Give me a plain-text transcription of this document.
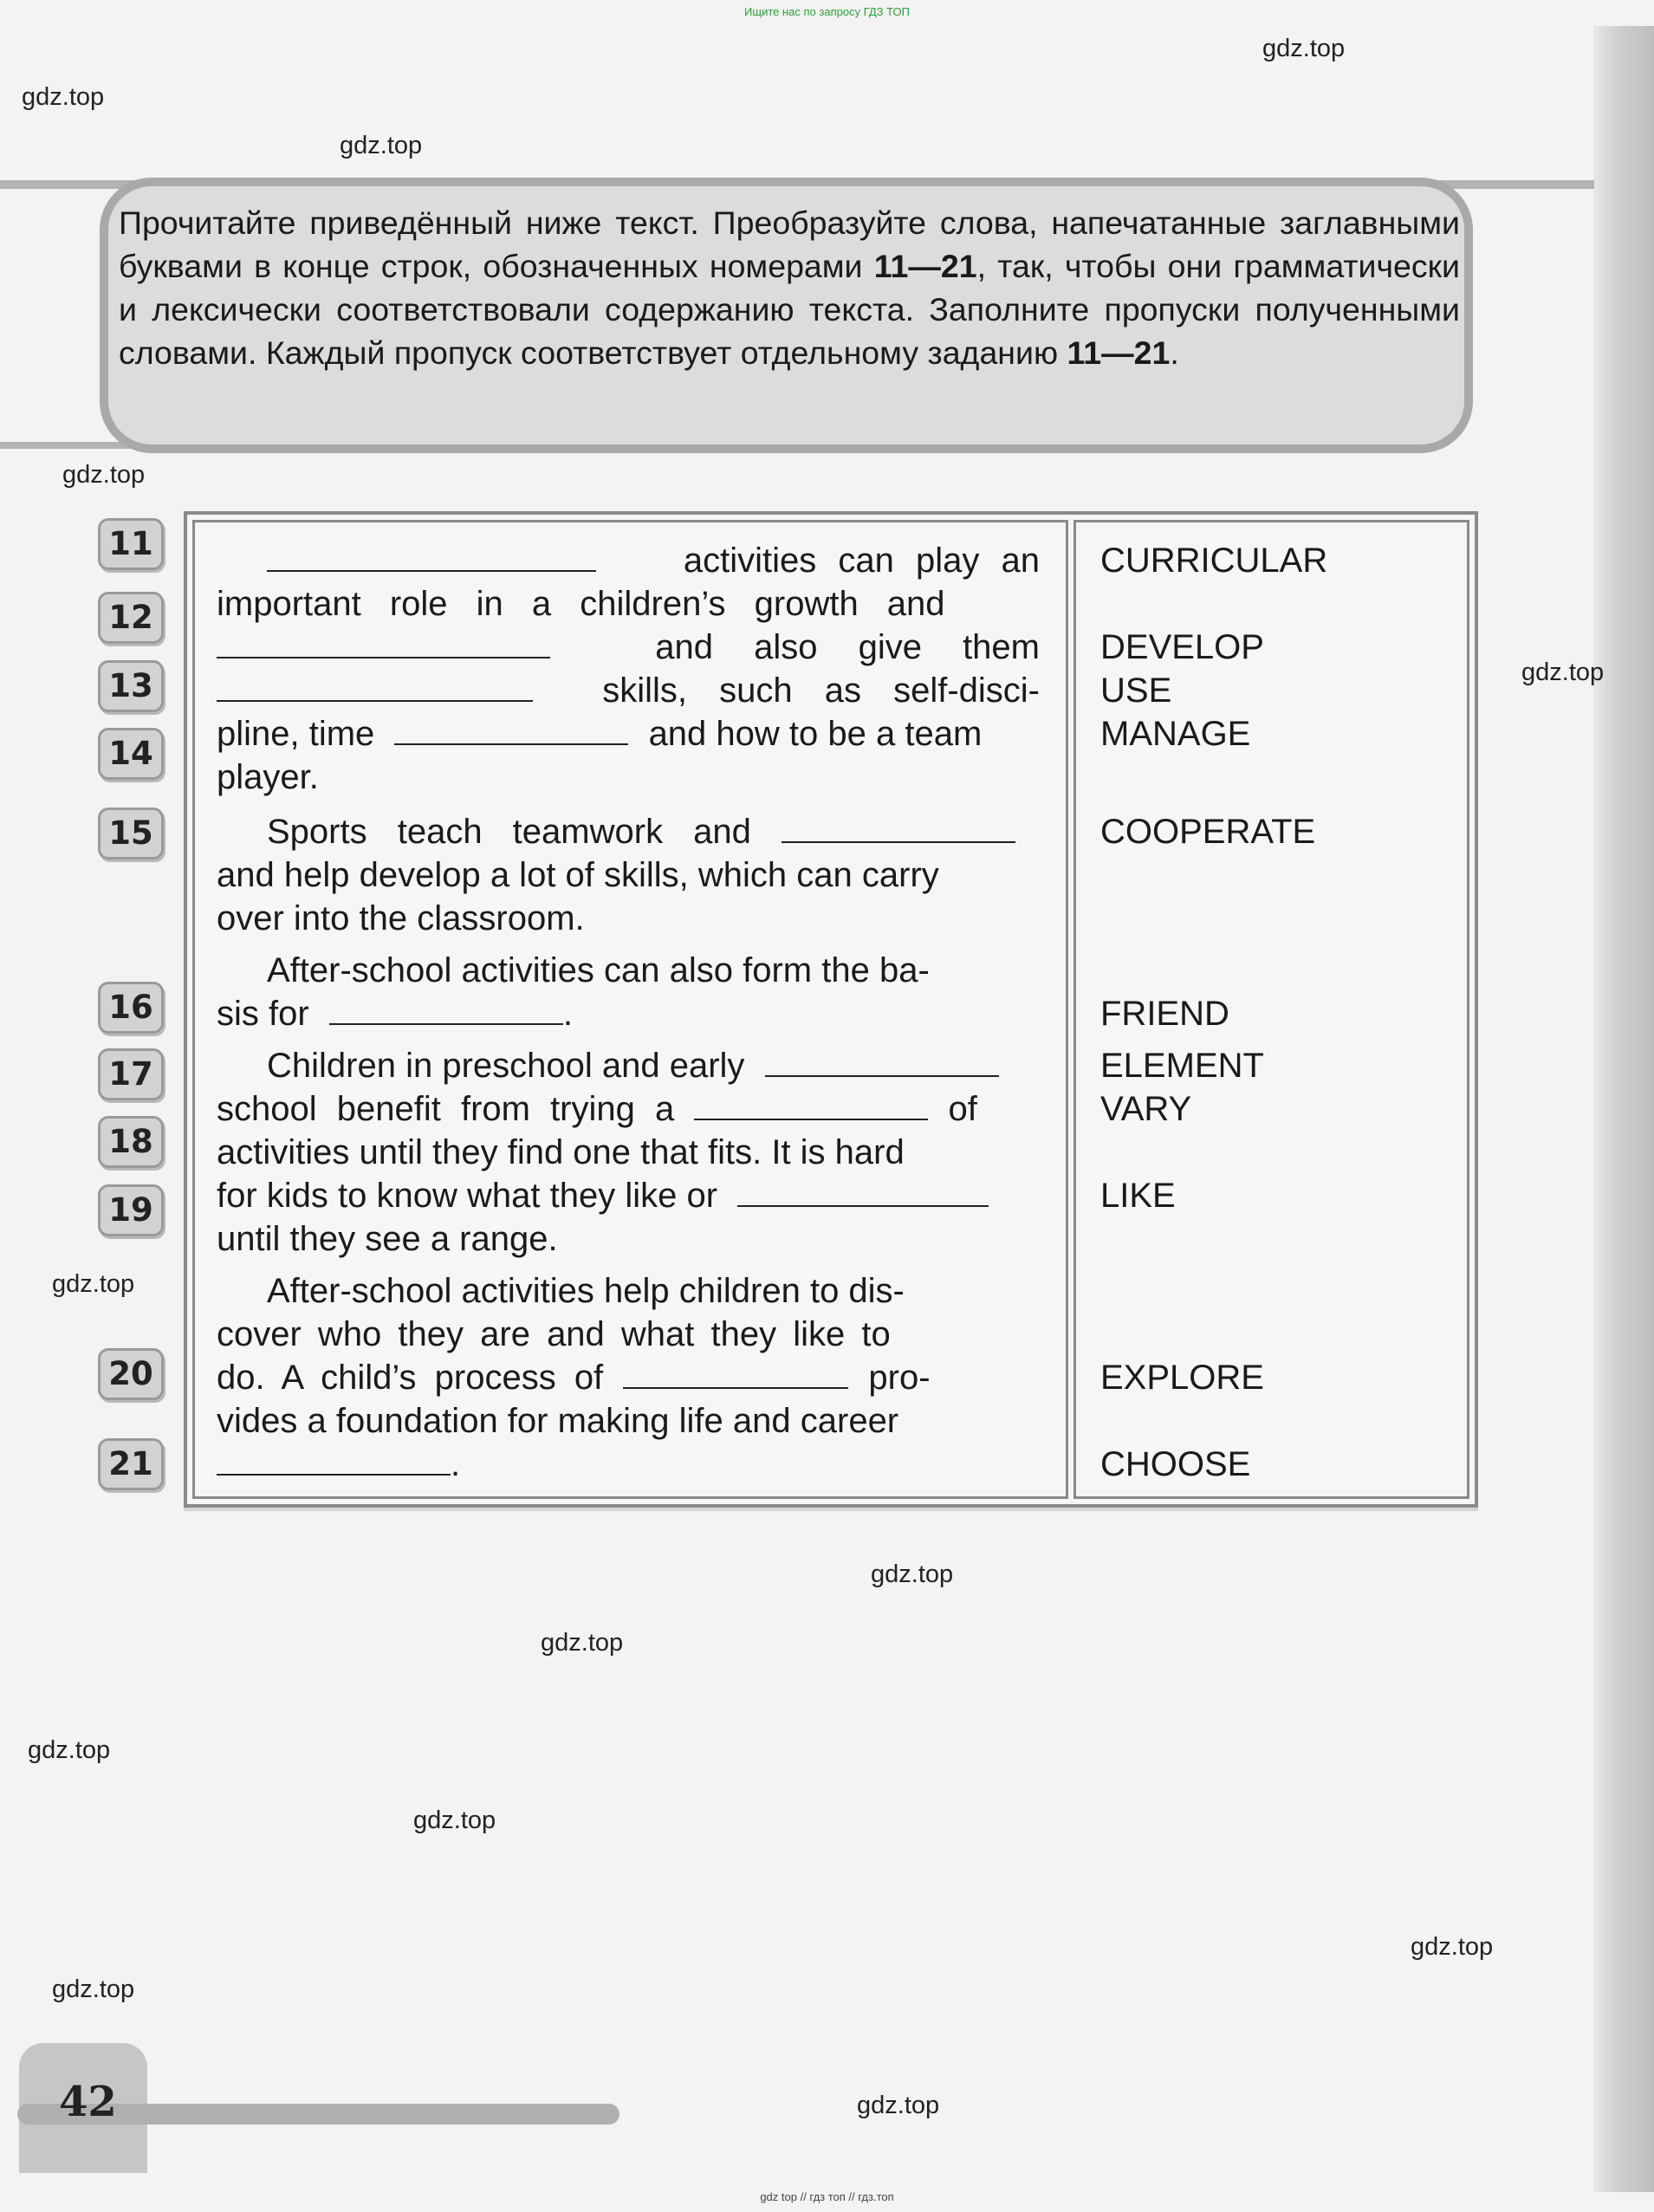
Ищите нас по запросу ГДЗ ТОП
gdz.top
gdz.top
gdz.top
gdz.top
gdz.top
gdz.top
gdz.top
gdz.top
gdz.top
gdz.top
gdz.top
gdz.top
gdz.top
Прочитайте приведённый ниже текст. Преобразуйте слова, напечатанные заглавными буквами в конце строк, обозначенных номерами 11—21, так, чтобы они грамматически и лексически соответствовали содержанию текста. Заполните пропуски полученными словами. Каждый пропуск соответствует отдельному заданию 11—21.
11
12
13
14
15
16
17
18
19
20
21
activities can play an
important role in a children’s growth and
and also give them
skills, such as self-disci-
pline, time	and how to be a team
player.
Sports teach teamwork and
and help develop a lot of skills, which can carry
over into the classroom.
After-school activities can also form the ba-
sis for	.
Children in preschool and early
school benefit from trying a	of
activities until they find one that fits. It is hard
for kids to know what they like or
until they see a range.
After-school activities help children to dis-
cover who they are and what they like to
do. A child’s process of	pro-
vides a foundation for making life and career
.
CURRICULAR
DEVELOP
USE
MANAGE
COOPERATE
FRIEND
ELEMENT
VARY
LIKE
EXPLORE
CHOOSE
42
gdz top // гдз топ // гдз.топ
